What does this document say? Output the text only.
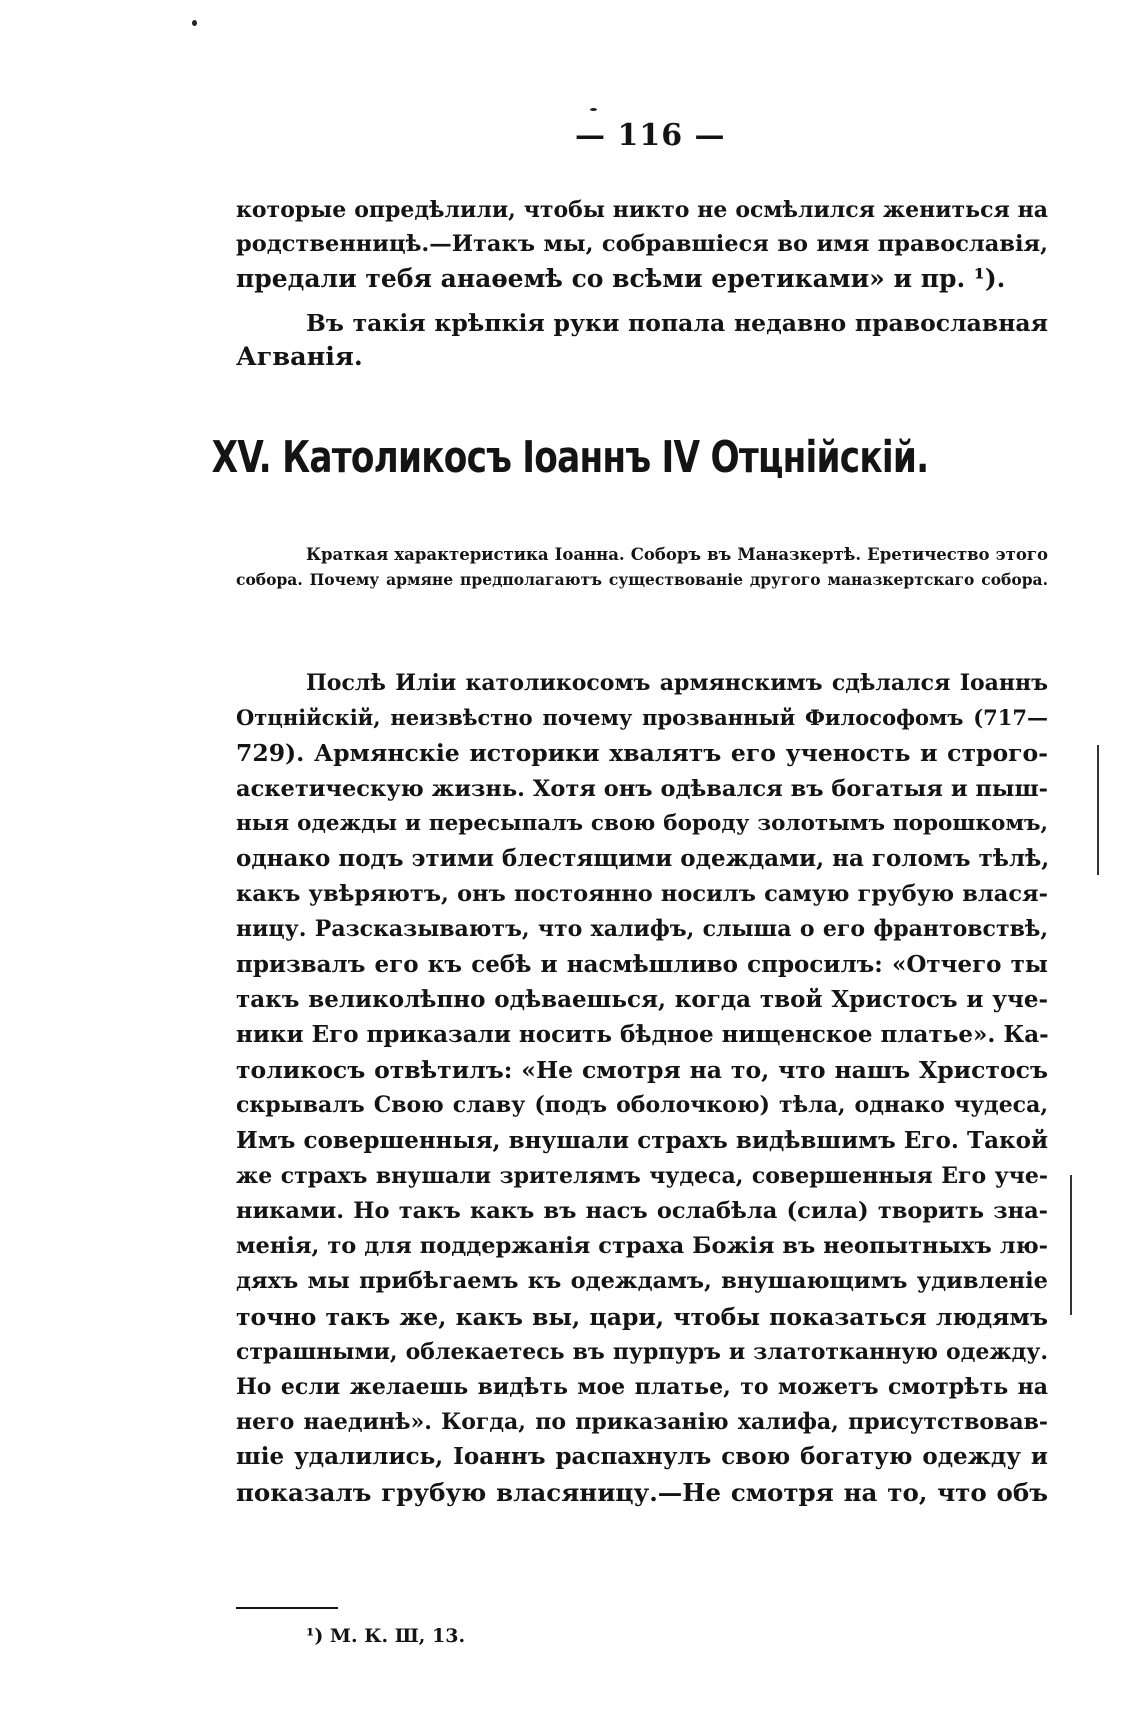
— 116 —
которые опредѣлили, чтобы никто не осмѣлился жениться на
родственницѣ.—Итакъ мы, собравшіеся во имя православія,
предали тебя анаѳемѣ со всѣми еретиками» и пр. ¹).
Въ такія крѣпкія руки попала недавно православная
Агванія.
XV. Католикосъ Іоаннъ IV Отцнійскій.
Краткая характеристика Іоанна. Соборъ въ Маназкертѣ. Еретичество этого
собора. Почему армяне предполагаютъ существованіе другого маназкертскаго собора.
Послѣ Иліи католикосомъ армянскимъ сдѣлался Іоаннъ
Отцнійскій, неизвѣстно почему прозванный Философомъ (717—
729). Армянскіе историки хвалятъ его ученость и строго-
аскетическую жизнь. Хотя онъ одѣвался въ богатыя и пыш-
ныя одежды и пересыпалъ свою бороду золотымъ порошкомъ,
однако подъ этими блестящими одеждами, на голомъ тѣлѣ,
какъ увѣряютъ, онъ постоянно носилъ самую грубую влася-
ницу. Разсказываютъ, что халифъ, слыша о его франтовствѣ,
призвалъ его къ себѣ и насмѣшливо спросилъ: «Отчего ты
такъ великолѣпно одѣваешься, когда твой Христосъ и уче-
ники Его приказали носить бѣдное нищенское платье». Ка-
толикосъ отвѣтилъ: «Не смотря на то, что нашъ Христосъ
скрывалъ Свою славу (подъ оболочкою) тѣла, однако чудеса,
Имъ совершенныя, внушали страхъ видѣвшимъ Его. Такой
же страхъ внушали зрителямъ чудеса, совершенныя Его уче-
никами. Но такъ какъ въ насъ ослабѣла (сила) творить зна-
менія, то для поддержанія страха Божія въ неопытныхъ лю-
дяхъ мы прибѣгаемъ къ одеждамъ, внушающимъ удивленіе
точно такъ же, какъ вы, цари, чтобы показаться людямъ
страшными, облекаетесь въ пурпуръ и златотканную одежду.
Но если желаешь видѣть мое платье, то можетъ смотрѣть на
него наединѣ». Когда, по приказанію халифа, присутствовав-
шіе удалились, Іоаннъ распахнулъ свою богатую одежду и
показалъ грубую власяницу.—Не смотря на то, что объ
¹) М. К. Ш, 13.
